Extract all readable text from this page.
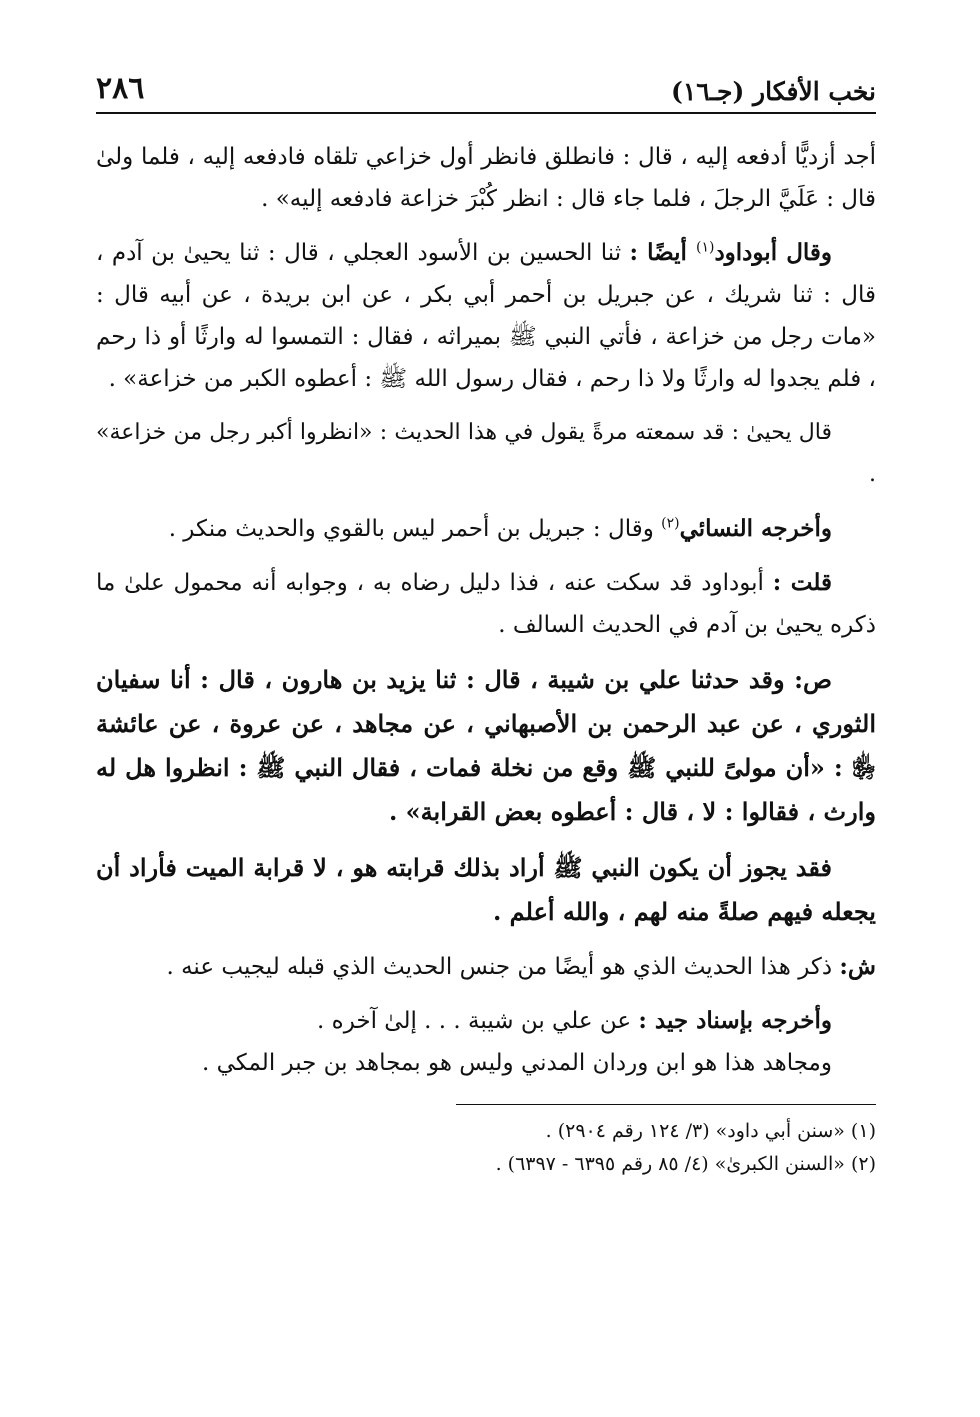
نخب الأفكار (جـ١٦)
٢٨٦

أجد أزديًّا أدفعه إليه ، قال : فانطلق فانظر أول خزاعي تلقاه فادفعه إليه ، فلما ولىٰ قال : عَلَيَّ الرجلَ ، فلما جاء قال : انظر كُبْرَ خزاعة فادفعه إليه» .

وقال أبوداود$^{(١)}$ أيضًا : ثنا الحسين بن الأسود العجلي ، قال : ثنا يحيىٰ بن آدم ، قال : ثنا شريك ، عن جبريل بن أحمر أبي بكر ، عن ابن بريدة ، عن أبيه قال : «مات رجل من خزاعة ، فأتي النبي ﷺ بميراثه ، فقال : التمسوا له وارثًا أو ذا رحم ، فلم يجدوا له وارثًا ولا ذا رحم ، فقال رسول الله ﷺ : أعطوه الكبر من خزاعة» .

قال يحيىٰ : قد سمعته مرةً يقول في هذا الحديث : «انظروا أكبر رجل من خزاعة» .

وأخرجه النسائي$^{(٢)}$ وقال : جبريل بن أحمر ليس بالقوي والحديث منكر .

قلت : أبوداود قد سكت عنه ، فذا دليل رضاه به ، وجوابه أنه محمول علىٰ ما ذكره يحيىٰ بن آدم في الحديث السالف .

ص: وقد حدثنا علي بن شيبة ، قال : ثنا يزيد بن هارون ، قال : أنا سفيان الثوري ، عن عبد الرحمن بن الأصبهاني ، عن مجاهد ، عن عروة ، عن عائشة ﵂ : «أن مولىً للنبي ﷺ وقع من نخلة فمات ، فقال النبي ﷺ : انظروا هل له وارث ، فقالوا : لا ، قال : أعطوه بعض القرابة» .

فقد يجوز أن يكون النبي ﷺ أراد بذلك قرابته هو ، لا قرابة الميت فأراد أن يجعله فيهم صلةً منه لهم ، والله أعلم .

ش: ذكر هذا الحديث الذي هو أيضًا من جنس الحديث الذي قبله ليجيب عنه .

وأخرجه بإسناد جيد : عن علي بن شيبة . . . إلىٰ آخره .

ومجاهد هذا هو ابن وردان المدني وليس هو بمجاهد بن جبر المكي .

(١) «سنن أبي داود» (٣/ ١٢٤ رقم ٢٩٠٤) .

(٢) «السنن الكبرىٰ» (٤/ ٨٥ رقم ٦٣٩٥ - ٦٣٩٧) .
